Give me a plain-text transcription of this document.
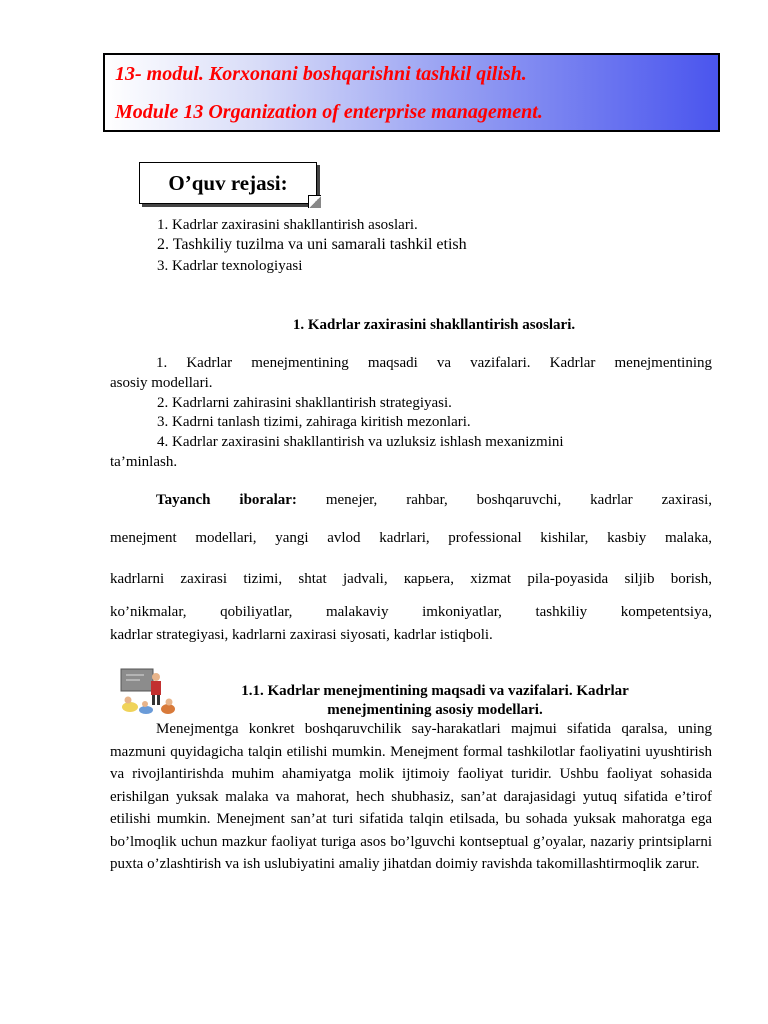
13- modul. Korxonani boshqarishni tashkil qilish.
Module 13 Organization of enterprise management.
O’quv rejasi:
1. Kadrlar zaxirasini shakllantirish asoslari.
2. Tashkiliy tuzilma va uni samarali tashkil etish
3. Kadrlar texnologiyasi
1. Kadrlar zaxirasini shakllantirish asoslari.
1. Kadrlar menejmentining maqsadi va vazifalari. Kadrlar menejmentining
asosiy modellari.
2. Kadrlarni zahirasini shakllantirish strategiyasi.
3. Kadrni tanlash tizimi, zahiraga kiritish mezonlari.
4. Kadrlar zaxirasini shakllantirish va uzluksiz ishlash mexanizmini
ta’minlash.
Tayanch iboralar: menejer, rahbar, boshqaruvchi, kadrlar zaxirasi,
menejment modellari, yangi avlod kadrlari, professional kishilar, kasbiy malaka,
kadrlarni zaxirasi tizimi, shtat jadvali, карьera, xizmat pila-poyasida siljib borish,
ko’nikmalar, qobiliyatlar, malakaviy imkoniyatlar, tashkiliy kompetentsiya,
kadrlar strategiyasi, kadrlarni zaxirasi siyosati, kadrlar istiqboli.
1.1. Kadrlar menejmentining maqsadi va vazifalari. Kadrlar
menejmentining asosiy modellari.
Menejmentga konkret boshqaruvchilik say-harakatlari majmui sifatida qaralsa, uning mazmuni quyidagicha talqin etilishi mumkin. Menejment formal tashkilotlar faoliyatini uyushtirish va rivojlantirishda muhim ahamiyatga molik ijtimoiy faoliyat turidir. Ushbu faoliyat sohasida erishilgan yuksak malaka va mahorat, hech shubhasiz, san’at darajasidagi yutuq sifatida e’tirof etilishi mumkin. Menejment san’at turi sifatida talqin etilsada, bu sohada yuksak mahoratga ega bo’lmoqlik uchun mazkur faoliyat turiga asos bo’lguvchi kontseptual g’oyalar, nazariy printsiplarni puxta o’zlashtirish va ish uslubiyatini amaliy jihatdan doimiy ravishda takomillashtirmoqlik zarur.
